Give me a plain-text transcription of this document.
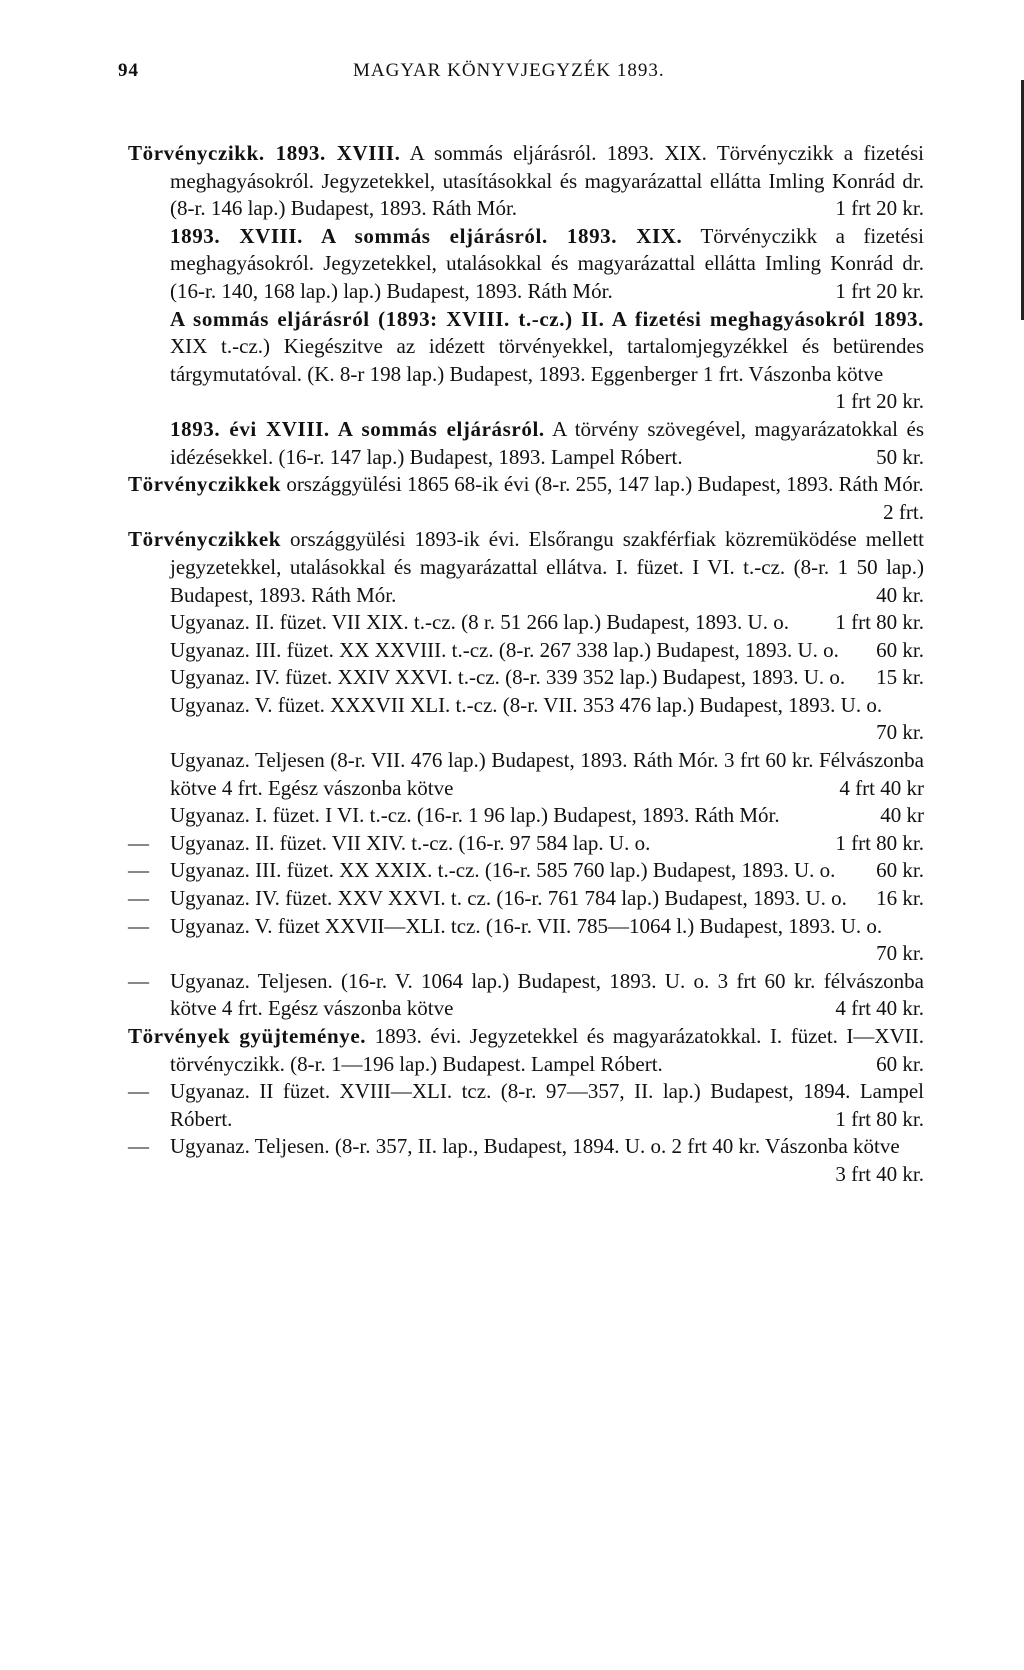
94	MAGYAR KÖNYVJEGYZÉK 1893.

Törvényczikk. 1893. XVIII. A sommás eljárásról. 1893. XIX. Törvényczikk a fizetési meghagyásokról. Jegyzetekkel, utasításokkal és magyarázattal ellátta Imling Konrád dr. (8-r. 146 lap.) Budapest, 1893. Ráth Mór.	1 frt 20 kr.

1893. XVIII. A sommás eljárásról. 1893. XIX. Törvényczikk a fizetési meghagyásokról. Jegyzetekkel, utalásokkal és magyarázattal ellátta Imling Konrád dr. (16-r. 140, 168 lap.) lap.) Budapest, 1893. Ráth Mór.	1 frt 20 kr.

A sommás eljárásról (1893: XVIII. t.-cz.) II. A fizetési meghagyásokról 1893. XIX t.-cz.) Kiegészitve az idézett törvényekkel, tartalomjegyzékkel és betürendes tárgymutatóval. (K. 8-r 198 lap.) Budapest, 1893. Eggenberger 1 frt. Vászonba kötve
1 frt 20 kr.

1893. évi XVIII. A sommás eljárásról. A törvény szövegével, magyarázatokkal és idézésekkel. (16-r. 147 lap.) Budapest, 1893. Lampel Róbert.	50 kr.

Törvényczikkek országgyülési 1865 68-ik évi (8-r. 255, 147 lap.) Budapest, 1893. Ráth Mór.
2 frt.

Törvényczikkek országgyülési 1893-ik évi. Elsőrangu szakférfiak közremüködése mellett jegyzetekkel, utalásokkal és magyarázattal ellátva. I. füzet. I VI. t.-cz. (8-r. 1 50 lap.) Budapest, 1893. Ráth Mór.	40 kr.

Ugyanaz. II. füzet. VII XIX. t.-cz. (8 r. 51 266 lap.) Budapest, 1893. U. o. 1 frt 80 kr.

Ugyanaz. III. füzet. XX XXVIII. t.-cz. (8-r. 267 338 lap.) Budapest, 1893. U. o. 60 kr.

Ugyanaz. IV. füzet. XXIV XXVI. t.-cz. (8-r. 339 352 lap.) Budapest, 1893. U. o. 15 kr.

Ugyanaz. V. füzet. XXXVII XLI. t.-cz. (8-r. VII. 353 476 lap.) Budapest, 1893. U. o.
70 kr.

Ugyanaz. Teljesen (8-r. VII. 476 lap.) Budapest, 1893. Ráth Mór. 3 frt 60 kr. Félvászonba kötve 4 frt. Egész vászonba kötve	4 frt 40 kr

Ugyanaz. I. füzet. I VI. t.-cz. (16-r. 1 96 lap.) Budapest, 1893. Ráth Mór.	40 kr

— Ugyanaz. II. füzet. VII XIV. t.-cz. (16-r. 97 584 lap. U. o.	1 frt 80 kr.

— Ugyanaz. III. füzet. XX XXIX. t.-cz. (16-r. 585 760 lap.) Budapest, 1893. U. o. 60 kr.

— Ugyanaz. IV. füzet. XXV XXVI. t. cz. (16-r. 761 784 lap.) Budapest, 1893. U. o. 16 kr.

— Ugyanaz. V. füzet XXVII—XLI. tcz. (16-r. VII. 785—1064 l.) Budapest, 1893. U. o.
70 kr.

— Ugyanaz. Teljesen. (16-r. V. 1064 lap.) Budapest, 1893. U. o. 3 frt 60 kr. félvászonba kötve 4 frt. Egész vászonba kötve	4 frt 40 kr.

Törvények gyüjteménye. 1893. évi. Jegyzetekkel és magyarázatokkal. I. füzet. I—XVII. törvényczikk. (8-r. 1—196 lap.) Budapest. Lampel Róbert.	60 kr.

— Ugyanaz. II füzet. XVIII—XLI. tcz. (8-r. 97—357, II. lap.) Budapest, 1894. Lampel Róbert.	1 frt 80 kr.

— Ugyanaz. Teljesen. (8-r. 357, II. lap., Budapest, 1894. U. o. 2 frt 40 kr. Vászonba kötve
3 frt 40 kr.
